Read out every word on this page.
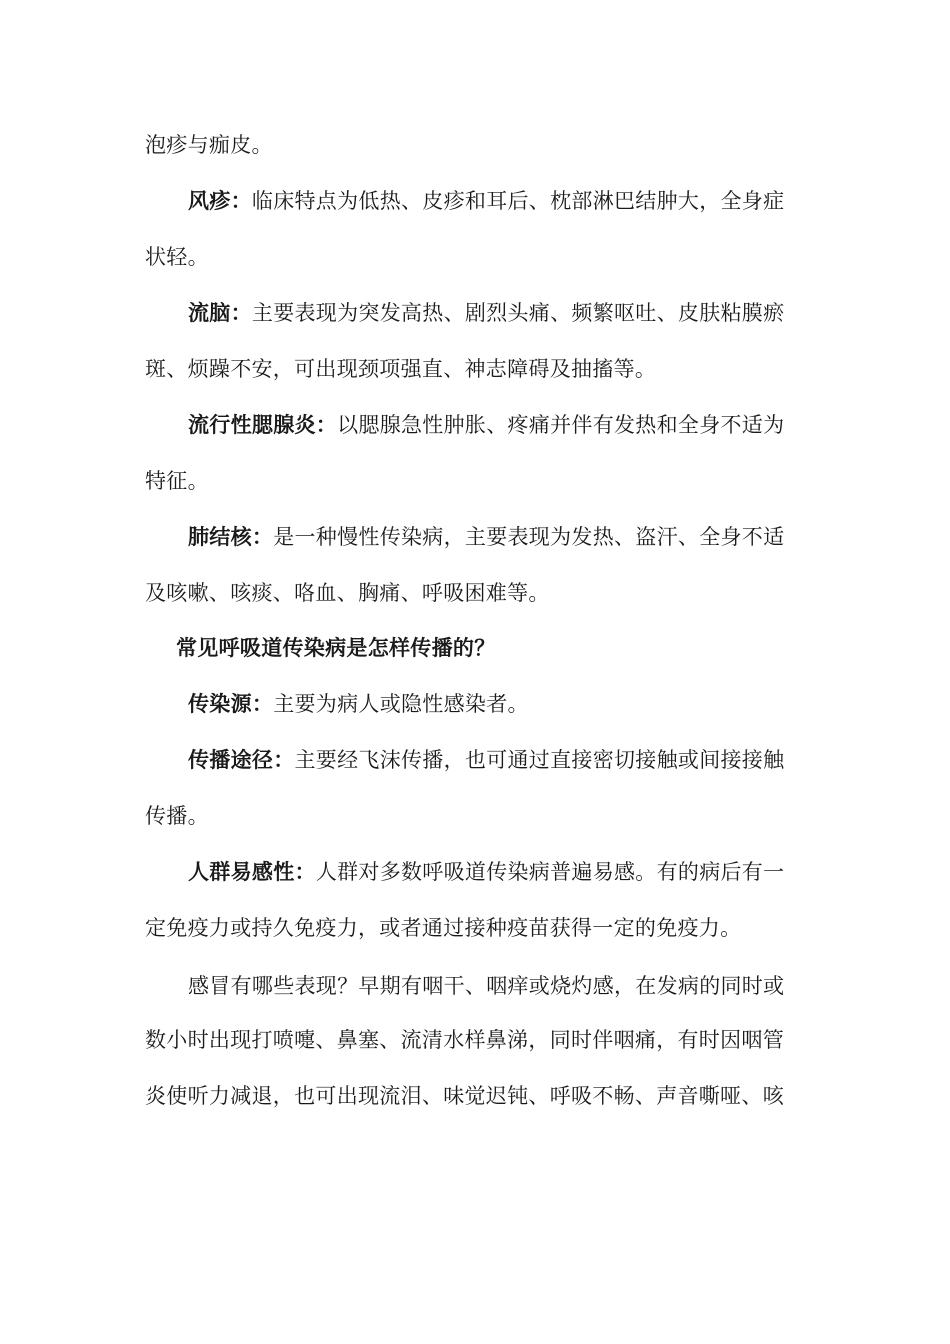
泡疹与痂皮。
风疹：临床特点为低热、皮疹和耳后、枕部淋巴结肿大，全身症
状轻。
流脑：主要表现为突发高热、剧烈头痛、频繁呕吐、皮肤粘膜瘀
斑、烦躁不安，可出现颈项强直、神志障碍及抽搐等。
流行性腮腺炎：以腮腺急性肿胀、疼痛并伴有发热和全身不适为
特征。
肺结核：是一种慢性传染病，主要表现为发热、盗汗、全身不适
及咳嗽、咳痰、咯血、胸痛、呼吸困难等。
常见呼吸道传染病是怎样传播的？
传染源：主要为病人或隐性感染者。
传播途径：主要经飞沫传播，也可通过直接密切接触或间接接触
传播。
人群易感性：人群对多数呼吸道传染病普遍易感。有的病后有一
定免疫力或持久免疫力，或者通过接种疫苗获得一定的免疫力。
感冒有哪些表现？早期有咽干、咽痒或烧灼感，在发病的同时或
数小时出现打喷嚏、鼻塞、流清水样鼻涕，同时伴咽痛，有时因咽管
炎使听力减退，也可出现流泪、味觉迟钝、呼吸不畅、声音嘶哑、咳
